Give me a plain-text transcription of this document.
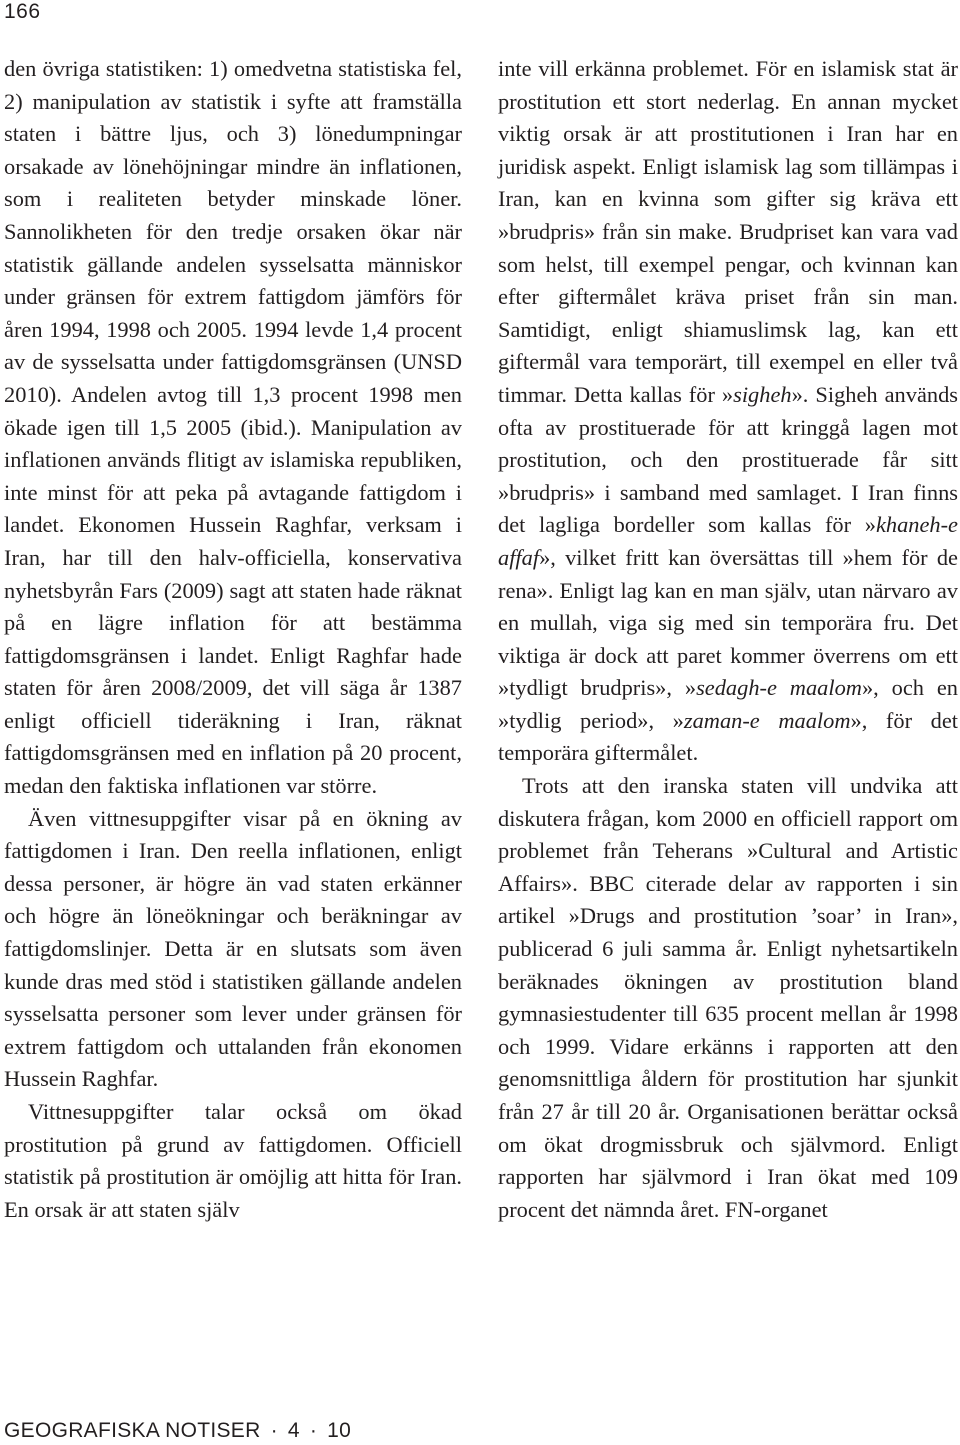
166

den övriga statistiken: 1) omedvetna statistiska fel, 2) manipulation av statistik i syfte att framställa staten i bättre ljus, och 3) lönedumpningar orsakade av lönehöjningar mindre än inflationen, som i realiteten betyder minskade löner. Sannolikheten för den tredje orsaken ökar när statistik gällande andelen sysselsatta människor under gränsen för extrem fattigdom jämförs för åren 1994, 1998 och 2005. 1994 levde 1,4 procent av de sysselsatta under fattigdomsgränsen (UNSD 2010). Andelen avtog till 1,3 procent 1998 men ökade igen till 1,5 2005 (ibid.). Manipulation av inflationen används flitigt av islamiska republiken, inte minst för att peka på avtagande fattigdom i landet. Ekonomen Hussein Raghfar, verksam i Iran, har till den halv-officiella, konservativa nyhetsbyrån Fars (2009) sagt att staten hade räknat på en lägre inflation för att bestämma fattigdomsgränsen i landet. Enligt Raghfar hade staten för åren 2008/2009, det vill säga år 1387 enligt officiell tideräkning i Iran, räknat fattigdomsgränsen med en inflation på 20 procent, medan den faktiska inflationen var större.

Även vittnesuppgifter visar på en ökning av fattigdomen i Iran. Den reella inflationen, enligt dessa personer, är högre än vad staten erkänner och högre än löneökningar och beräkningar av fattigdomslinjer. Detta är en slutsats som även kunde dras med stöd i statistiken gällande andelen sysselsatta personer som lever under gränsen för extrem fattigdom och uttalanden från ekonomen Hussein Raghfar.

Vittnesuppgifter talar också om ökad prostitution på grund av fattigdomen. Officiell statistik på prostitution är omöjlig att hitta för Iran. En orsak är att staten själv

inte vill erkänna problemet. För en islamisk stat är prostitution ett stort nederlag. En annan mycket viktig orsak är att prostitutionen i Iran har en juridisk aspekt. Enligt islamisk lag som tillämpas i Iran, kan en kvinna som gifter sig kräva ett »brudpris» från sin make. Brudpriset kan vara vad som helst, till exempel pengar, och kvinnan kan efter giftermålet kräva priset från sin man. Samtidigt, enligt shiamuslimsk lag, kan ett giftermål vara temporärt, till exempel en eller två timmar. Detta kallas för »sigheh». Sigheh används ofta av prostituerade för att kringgå lagen mot prostitution, och den prostituerade får sitt »brudpris» i samband med samlaget. I Iran finns det lagliga bordeller som kallas för »khaneh-e affaf», vilket fritt kan översättas till »hem för de rena». Enligt lag kan en man själv, utan närvaro av en mullah, viga sig med sin temporära fru. Det viktiga är dock att paret kommer överrens om ett »tydligt brudpris», »sedagh-e maalom», och en »tydlig period», »zaman-e maalom», för det temporära giftermålet.

Trots att den iranska staten vill undvika att diskutera frågan, kom 2000 en officiell rapport om problemet från Teherans »Cultural and Artistic Affairs». BBC citerade delar av rapporten i sin artikel »Drugs and prostitution ’soar’ in Iran», publicerad 6 juli samma år. Enligt nyhetsartikeln beräknades ökningen av prostitution bland gymnasiestudenter till 635 procent mellan år 1998 och 1999. Vidare erkänns i rapporten att den genomsnittliga åldern för prostitution har sjunkit från 27 år till 20 år. Organisationen berättar också om ökat drogmissbruk och självmord. Enligt rapporten har självmord i Iran ökat med 109 procent det nämnda året. FN-organet

GEOGRAFISKA NOTISER · 4 · 10
